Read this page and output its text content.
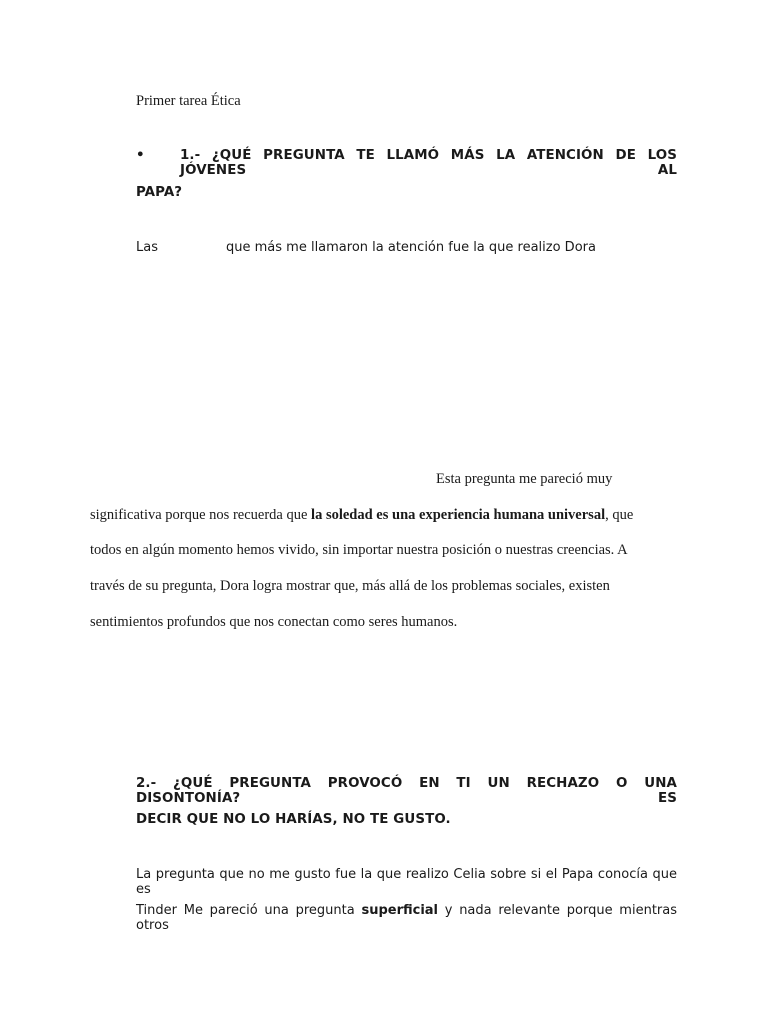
Primer tarea Ética
•	1.- ¿QUÉ PREGUNTA TE LLAMÓ MÁS LA ATENCIÓN DE LOS JÓVENES AL
PAPA?
Las	que más me llamaron la atención fue la que realizo Dora
Esta pregunta me pareció muy
significativa porque nos recuerda que la soledad es una experiencia humana universal, que
todos en algún momento hemos vivido, sin importar nuestra posición o nuestras creencias. A
través de su pregunta, Dora logra mostrar que, más allá de los problemas sociales, existen
sentimientos profundos que nos conectan como seres humanos.
2.- ¿QUÉ PREGUNTA PROVOCÓ EN TI UN RECHAZO O UNA DISONTONÍA? ES
DECIR QUE NO LO HARÍAS, NO TE GUSTO.
La pregunta que no me gusto fue la que realizo Celia sobre si el Papa conocía que es
Tinder Me pareció una pregunta superficial y nada relevante porque mientras otros
